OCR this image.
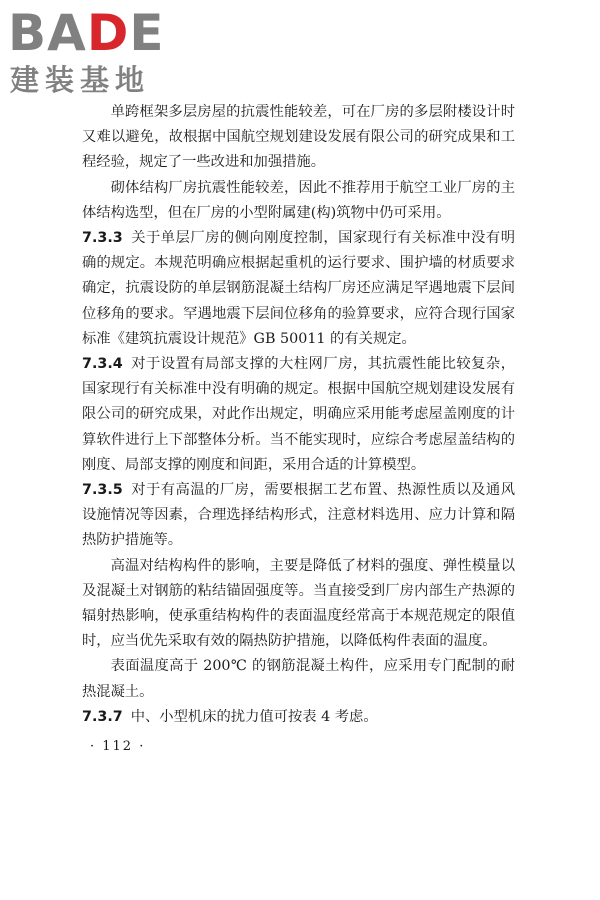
BADE
建装基地

单跨框架多层房屋的抗震性能较差，可在厂房的多层附楼设计时又难以避免，故根据中国航空规划建设发展有限公司的研究成果和工程经验，规定了一些改进和加强措施。

砌体结构厂房抗震性能较差，因此不推荐用于航空工业厂房的主体结构选型，但在厂房的小型附属建(构)筑物中仍可采用。

7.3.3 关于单层厂房的侧向刚度控制，国家现行有关标准中没有明确的规定。本规范明确应根据起重机的运行要求、围护墙的材质要求确定，抗震设防的单层钢筋混凝土结构厂房还应满足罕遇地震下层间位移角的要求。罕遇地震下层间位移角的验算要求，应符合现行国家标准《建筑抗震设计规范》GB 50011 的有关规定。

7.3.4 对于设置有局部支撑的大柱网厂房，其抗震性能比较复杂，国家现行有关标准中没有明确的规定。根据中国航空规划建设发展有限公司的研究成果，对此作出规定，明确应采用能考虑屋盖刚度的计算软件进行上下部整体分析。当不能实现时，应综合考虑屋盖结构的刚度、局部支撑的刚度和间距，采用合适的计算模型。

7.3.5 对于有高温的厂房，需要根据工艺布置、热源性质以及通风设施情况等因素，合理选择结构形式，注意材料选用、应力计算和隔热防护措施等。

高温对结构构件的影响，主要是降低了材料的强度、弹性模量以及混凝土对钢筋的粘结锚固强度等。当直接受到厂房内部生产热源的辐射热影响，使承重结构构件的表面温度经常高于本规范规定的限值时，应当优先采取有效的隔热防护措施，以降低构件表面的温度。

表面温度高于 200℃ 的钢筋混凝土构件，应采用专门配制的耐热混凝土。

7.3.7 中、小型机床的扰力值可按表 4 考虑。

· 112 ·
